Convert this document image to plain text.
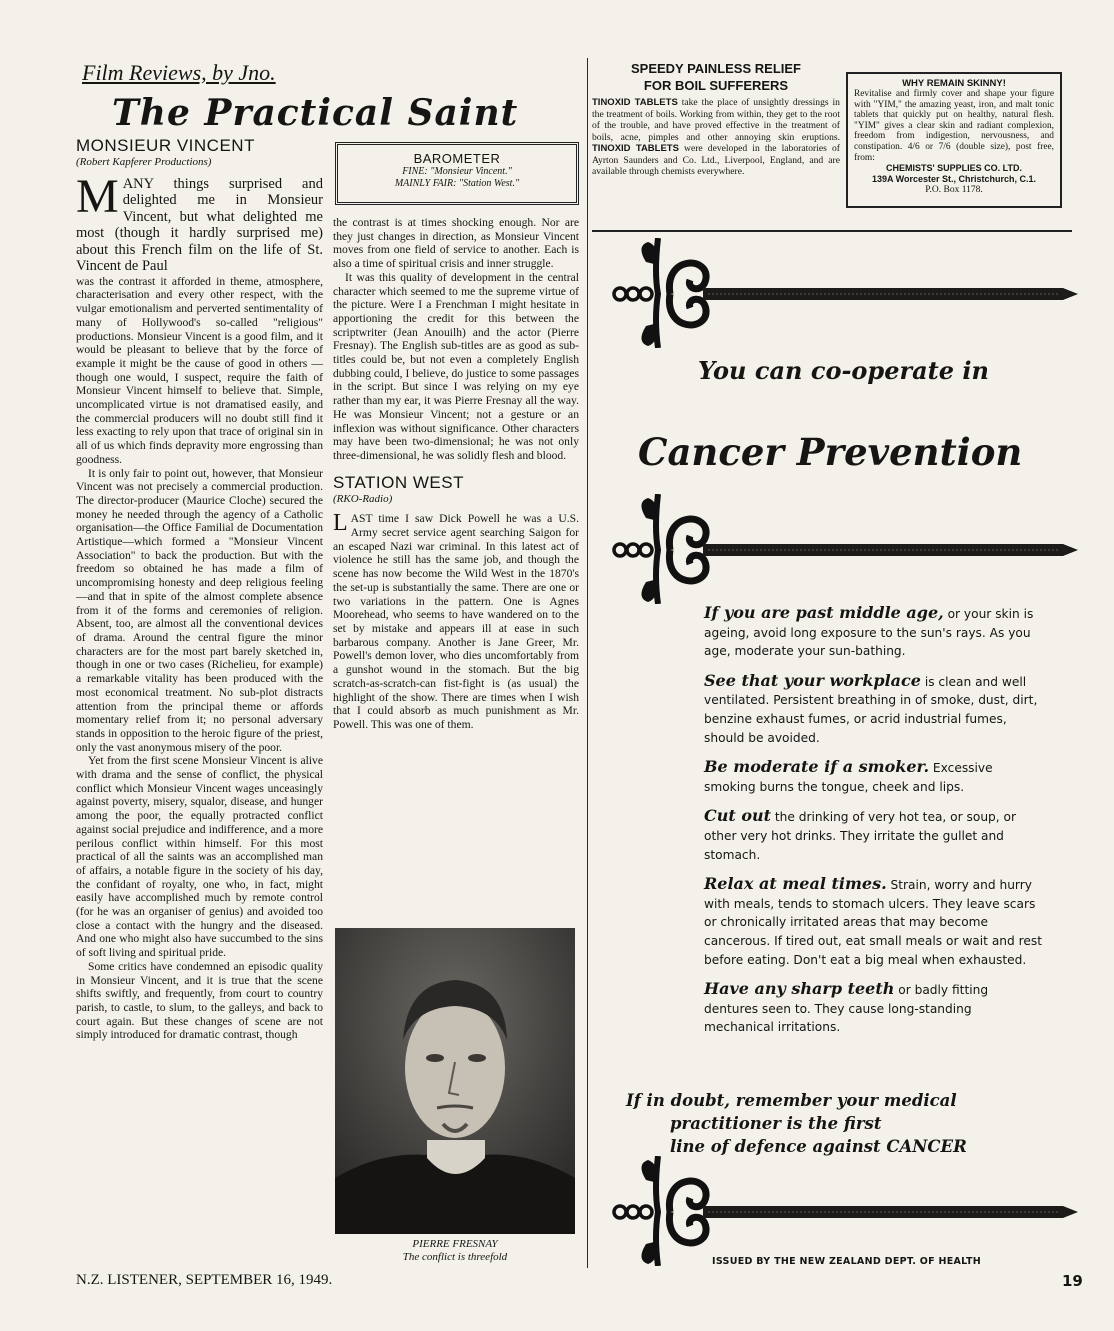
Film Reviews, by Jno.
The Practical Saint
MONSIEUR VINCENT
(Robert Kapferer Productions)

MANY things surprised and delighted me in Monsieur Vincent, but what delighted me most (though it hardly surprised me) about this French film on the life of St. Vincent de Paul

was the contrast it afforded in theme, atmosphere, characterisation and every other respect, with the vulgar emotionalism and perverted sentimentality of many of Hollywood's so-called "religious" productions. Monsieur Vincent is a good film, and it would be pleasant to believe that by the force of example it might be the cause of good in others —though one would, I suspect, require the faith of Monsieur Vincent himself to believe that. Simple, uncomplicated virtue is not dramatised easily, and the commercial producers will no doubt still find it less exacting to rely upon that trace of original sin in all of us which finds depravity more engrossing than goodness.

It is only fair to point out, however, that Monsieur Vincent was not precisely a commercial production. The director-producer (Maurice Cloche) secured the money he needed through the agency of a Catholic organisation—the Office Familial de Documentation Artistique—which formed a "Monsieur Vincent Association" to back the production. But with the freedom so obtained he has made a film of uncompromising honesty and deep religious feeling—and that in spite of the almost complete absence from it of the forms and ceremonies of religion. Absent, too, are almost all the conventional devices of drama. Around the central figure the minor characters are for the most part barely sketched in, though in one or two cases (Richelieu, for example) a remarkable vitality has been produced with the most economical treatment. No sub-plot distracts attention from the principal theme or affords momentary relief from it; no personal adversary stands in opposition to the heroic figure of the priest, only the vast anonymous misery of the poor.

Yet from the first scene Monsieur Vincent is alive with drama and the sense of conflict, the physical conflict which Monsieur Vincent wages unceasingly against poverty, misery, squalor, disease, and hunger among the poor, the equally protracted conflict against social prejudice and indifference, and a more perilous conflict within himself. For this most practical of all the saints was an accomplished man of affairs, a notable figure in the society of his day, the confidant of royalty, one who, in fact, might easily have accomplished much by remote control (for he was an organiser of genius) and avoided too close a contact with the hungry and the diseased. And one who might also have succumbed to the sins of soft living and spiritual pride.

Some critics have condemned an episodic quality in Monsieur Vincent, and it is true that the scene shifts swiftly, and frequently, from court to country parish, to castle, to slum, to the galleys, and back to court again. But these changes of scene are not simply introduced for dramatic contrast, though

BAROMETER
FINE: "Monsieur Vincent."
MAINLY FAIR: "Station West."

the contrast is at times shocking enough. Nor are they just changes in direction, as Monsieur Vincent moves from one field of service to another. Each is also a time of spiritual crisis and inner struggle.

It was this quality of development in the central character which seemed to me the supreme virtue of the picture. Were I a Frenchman I might hesitate in apportioning the credit for this between the scriptwriter (Jean Anouilh) and the actor (Pierre Fresnay). The English sub-titles are as good as sub-titles could be, but not even a completely English dubbing could, I believe, do justice to some passages in the script. But since I was relying on my eye rather than my ear, it was Pierre Fresnay all the way. He was Monsieur Vincent; not a gesture or an inflexion was without significance. Other characters may have been two-dimensional; he was not only three-dimensional, he was solidly flesh and blood.

STATION WEST
(RKO-Radio)

LAST time I saw Dick Powell he was a U.S. Army secret service agent searching Saigon for an escaped Nazi war criminal. In this latest act of violence he still has the same job, and though the scene has now become the Wild West in the 1870's the set-up is substantially the same. There are one or two variations in the pattern. One is Agnes Moorehead, who seems to have wandered on to the set by mistake and appears ill at ease in such barbarous company. Another is Jane Greer, Mr. Powell's demon lover, who dies uncomfortably from a gunshot wound in the stomach. But the big scratch-as-scratch-can fist-fight is (as usual) the highlight of the show. There are times when I wish that I could absorb as much punishment as Mr. Powell. This was one of them.

PIERRE FRESNAY
The conflict is threefold
N.Z. LISTENER, SEPTEMBER 16, 1949.
SPEEDY PAINLESS RELIEF
FOR BOIL SUFFERERS
TINOXID TABLETS take the place of unsightly dressings in the treatment of boils. Working from within, they get to the root of the trouble, and have proved effective in the treatment of boils, acne, pimples and other annoying skin eruptions. TINOXID TABLETS were developed in the laboratories of Ayrton Saunders and Co. Ltd., Liverpool, England, and are available through chemists everywhere.
WHY REMAIN SKINNY!
Revitalise and firmly cover and shape your figure with "YIM," the amazing yeast, iron, and malt tonic tablets that quickly put on healthy, natural flesh. "YIM" gives a clear skin and radiant complexion, freedom from indigestion, nervousness, and constipation. 4/6 or 7/6 (double size), post free, from:
CHEMISTS' SUPPLIES CO. LTD.
139A Worcester St., Christchurch, C.1.
P.O. Box 1178.
You can co-operate in
Cancer Prevention
If you are past middle age, or your skin is ageing, avoid long exposure to the sun's rays. As you age, moderate your sun-bathing.
See that your workplace is clean and well ventilated. Persistent breathing in of smoke, dust, dirt, benzine exhaust fumes, or acrid industrial fumes, should be avoided.
Be moderate if a smoker. Excessive smoking burns the tongue, cheek and lips.
Cut out the drinking of very hot tea, or soup, or other very hot drinks. They irritate the gullet and stomach.
Relax at meal times. Strain, worry and hurry with meals, tends to stomach ulcers. They leave scars or chronically irritated areas that may become cancerous. If tired out, eat small meals or wait and rest before eating. Don't eat a big meal when exhausted.
Have any sharp teeth or badly fitting dentures seen to. They cause long-standing mechanical irritations.
If in doubt, remember your medical
practitioner is the first
line of defence against CANCER
ISSUED BY THE NEW ZEALAND DEPT. OF HEALTH
19
